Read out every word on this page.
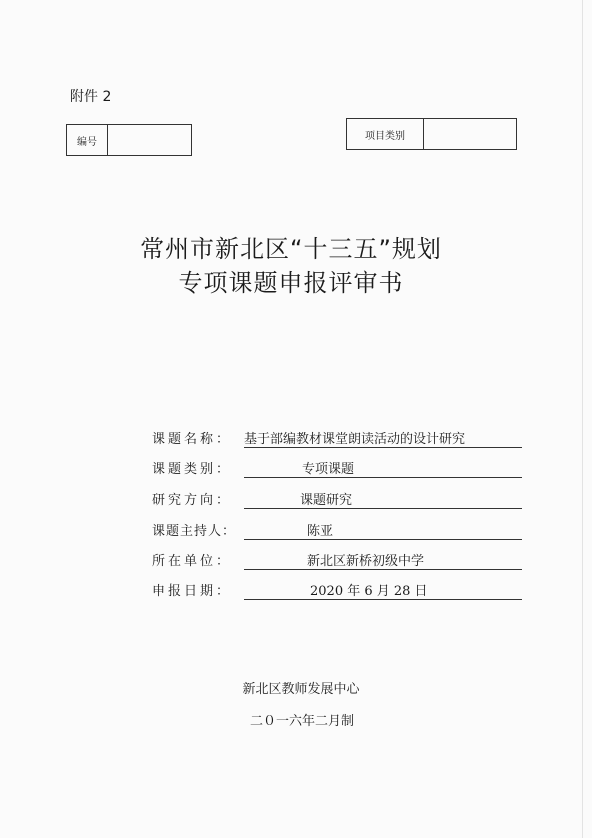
附件 2
编号
项目类别
常州市新北区“十三五”规划
专项课题申报评审书
课题名称： 基于部编教材课堂朗读活动的设计研究
课题类别：	专项课题
研究方向：	课题研究
课题主持人：	陈亚
所在单位：	新北区新桥初级中学
申报日期：	2020 年 6 月 28 日
新北区教师发展中心
二０一六年二月制
